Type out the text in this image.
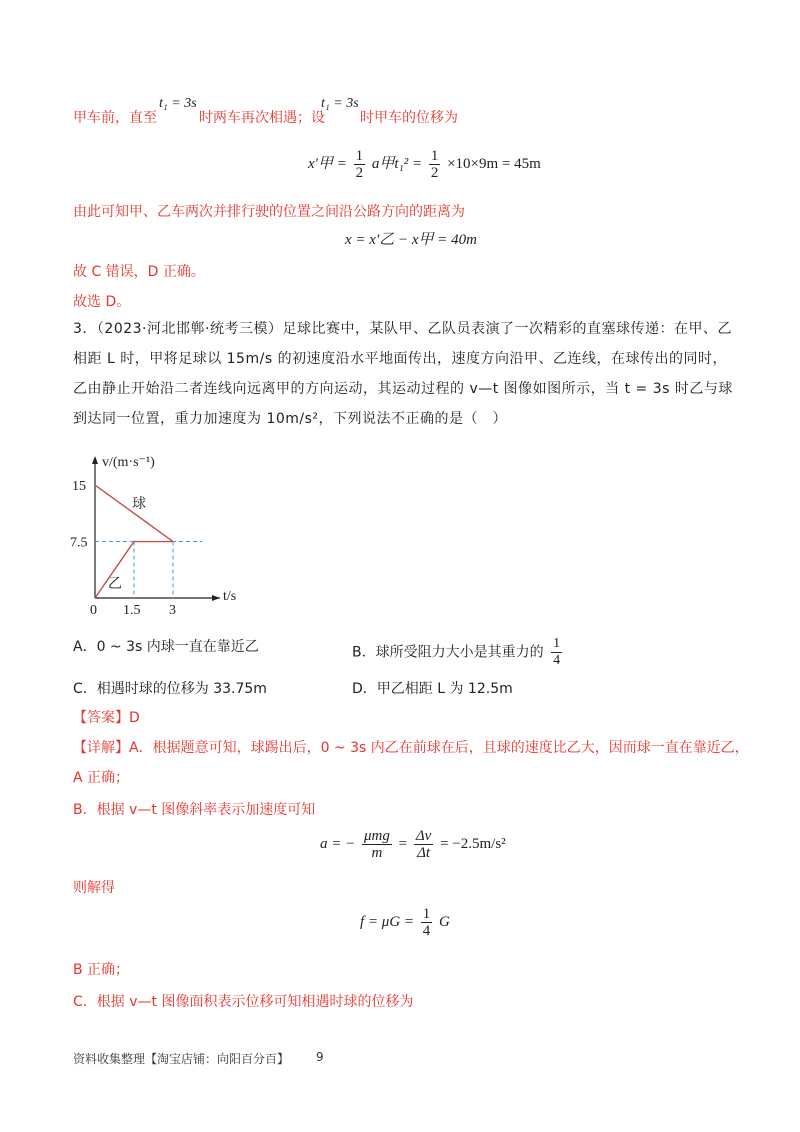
甲车前，直至
t₁ = 3s
时两车再次相遇；设
t₁ = 3s
时甲车的位移为
x′甲 = $\frac{1}{2}$ a甲$t_1^2 = \frac{1}{2} \times 10\times 9m = 45m$
由此可知甲、乙车两次并排行驶的位置之间沿公路方向的距离为
x = x′乙 − x甲 = 40m
故 C 错误，D 正确。
故选 D。
3．（2023·河北邯郸·统考三模）足球比赛中，某队甲、乙队员表演了一次精彩的直塞球传递：在甲、乙相距 L 时，甲将足球以 15m/s 的初速度沿水平地面传出，速度方向沿甲、乙连线，在球传出的同时，乙由静止开始沿二者连线向远离甲的方向运动，其运动过程的 v—t 图像如图所示，当 t = 3s 时乙与球到达同一位置，重力加速度为 10m/s²，下列说法不正确的是（　）
v/(m·s⁻¹)
t/s
球
乙
15
7.5
0 1.5 3
A．0 ~ 3s 内球一直在靠近乙	B．球所受阻力大小是其重力的 $\frac{1}{4}$
C．相遇时球的位移为 33.75m	D．甲乙相距 L 为 12.5m
【答案】D
【详解】A．根据题意可知，球踢出后，0 ~ 3s 内乙在前球在后，且球的速度比乙大，因而球一直在靠近乙，
A 正确；
B．根据 v—t 图像斜率表示加速度可知
a = − $\frac{\text{μmg}}{m} = \frac{\Delta v}{\Delta t} = -2.5m/s^2$
则解得
$f = \mu G = \frac{1}{4}$ G
B 正确；
C．根据 v—t 图像面积表示位移可知相遇时球的位移为
资料收集整理【淘宝店铺：向阳百分百】 9
